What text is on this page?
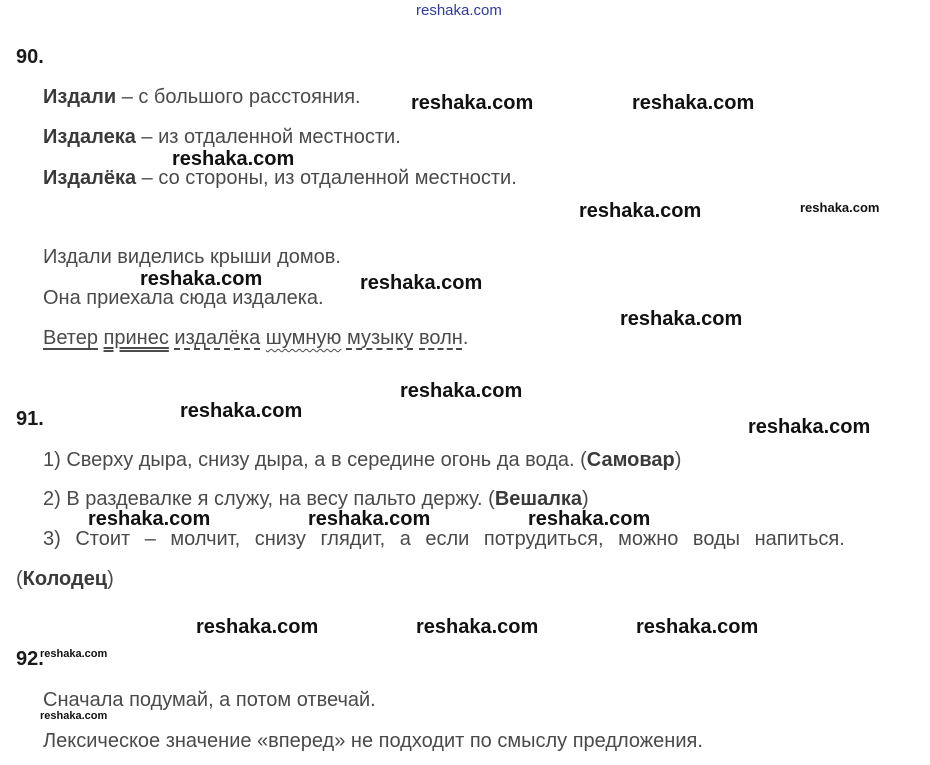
reshaka.com
90.
Издали – с большого расстояния.
Издалека – из отдаленной местности.
Издалёка – со стороны, из отдаленной местности.
Издали виделись крыши домов.
Она приехала сюда издалека.
Ветер принес издалёка шумную музыку волн.
91.
1) Сверху дыра, снизу дыра, а в середине огонь да вода. (Самовар)
2) В раздевалке я служу, на весу пальто держу. (Вешалка)
3) Стоит – молчит, снизу глядит, а если потрудиться, можно воды напиться.
(Колодец)
92.
Сначала подумай, а потом отвечай.
Лексическое значение «вперед» не подходит по смыслу предложения.
reshaka.com	reshaka.com
reshaka.com
reshaka.com	reshaka.com
reshaka.com	reshaka.com
reshaka.com
reshaka.com
reshaka.com
reshaka.com
reshaka.com	reshaka.com	reshaka.com
reshaka.com	reshaka.com	reshaka.com
reshaka.com
reshaka.com
